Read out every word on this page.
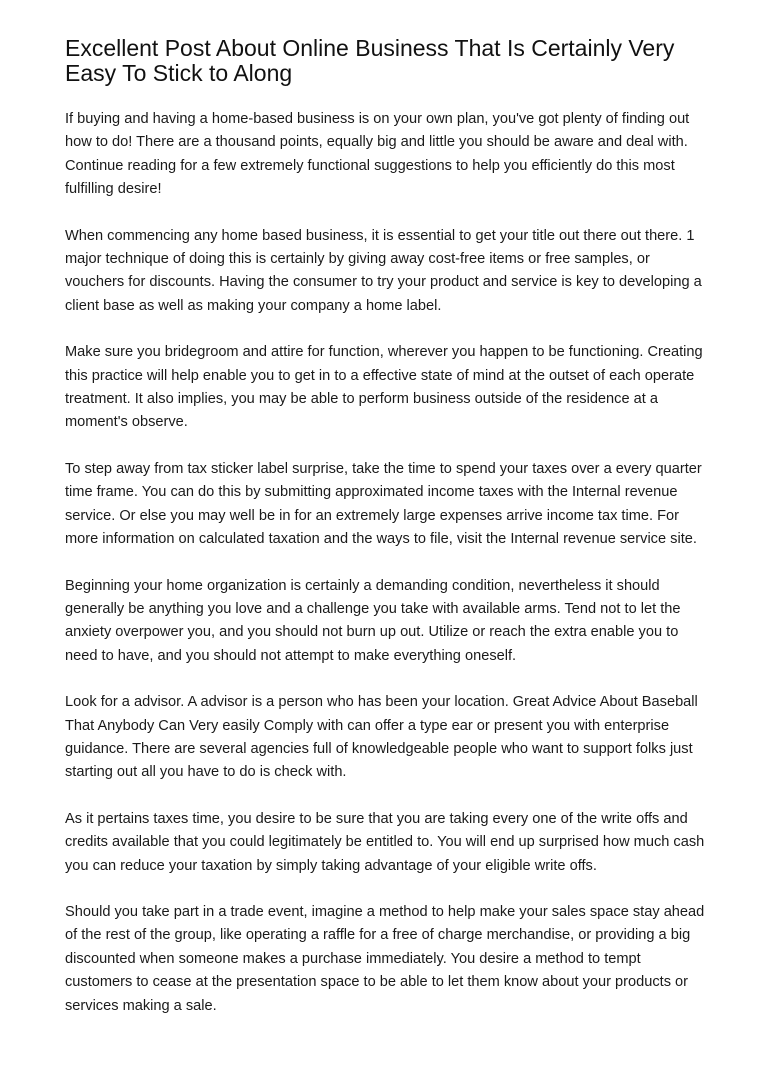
Excellent Post About Online Business That Is Certainly Very Easy To Stick to Along

If buying and having a home-based business is on your own plan, you've got plenty of finding out how to do! There are a thousand points, equally big and little you should be aware and deal with. Continue reading for a few extremely functional suggestions to help you efficiently do this most fulfilling desire!

When commencing any home based business, it is essential to get your title out there out there. 1 major technique of doing this is certainly by giving away cost-free items or free samples, or vouchers for discounts. Having the consumer to try your product and service is key to developing a client base as well as making your company a home label.

Make sure you bridegroom and attire for function, wherever you happen to be functioning. Creating this practice will help enable you to get in to a effective state of mind at the outset of each operate treatment. It also implies, you may be able to perform business outside of the residence at a moment's observe.

To step away from tax sticker label surprise, take the time to spend your taxes over a every quarter time frame. You can do this by submitting approximated income taxes with the Internal revenue service. Or else you may well be in for an extremely large expenses arrive income tax time. For more information on calculated taxation and the ways to file, visit the Internal revenue service site.

Beginning your home organization is certainly a demanding condition, nevertheless it should generally be anything you love and a challenge you take with available arms. Tend not to let the anxiety overpower you, and you should not burn up out. Utilize or reach the extra enable you to need to have, and you should not attempt to make everything oneself.

Look for a advisor. A advisor is a person who has been your location. Great Advice About Baseball That Anybody Can Very easily Comply with can offer a type ear or present you with enterprise guidance. There are several agencies full of knowledgeable people who want to support folks just starting out all you have to do is check with.

As it pertains taxes time, you desire to be sure that you are taking every one of the write offs and credits available that you could legitimately be entitled to. You will end up surprised how much cash you can reduce your taxation by simply taking advantage of your eligible write offs.

Should you take part in a trade event, imagine a method to help make your sales space stay ahead of the rest of the group, like operating a raffle for a free of charge merchandise, or providing a big discounted when someone makes a purchase immediately. You desire a method to tempt customers to cease at the presentation space to be able to let them know about your products or services making a sale.
